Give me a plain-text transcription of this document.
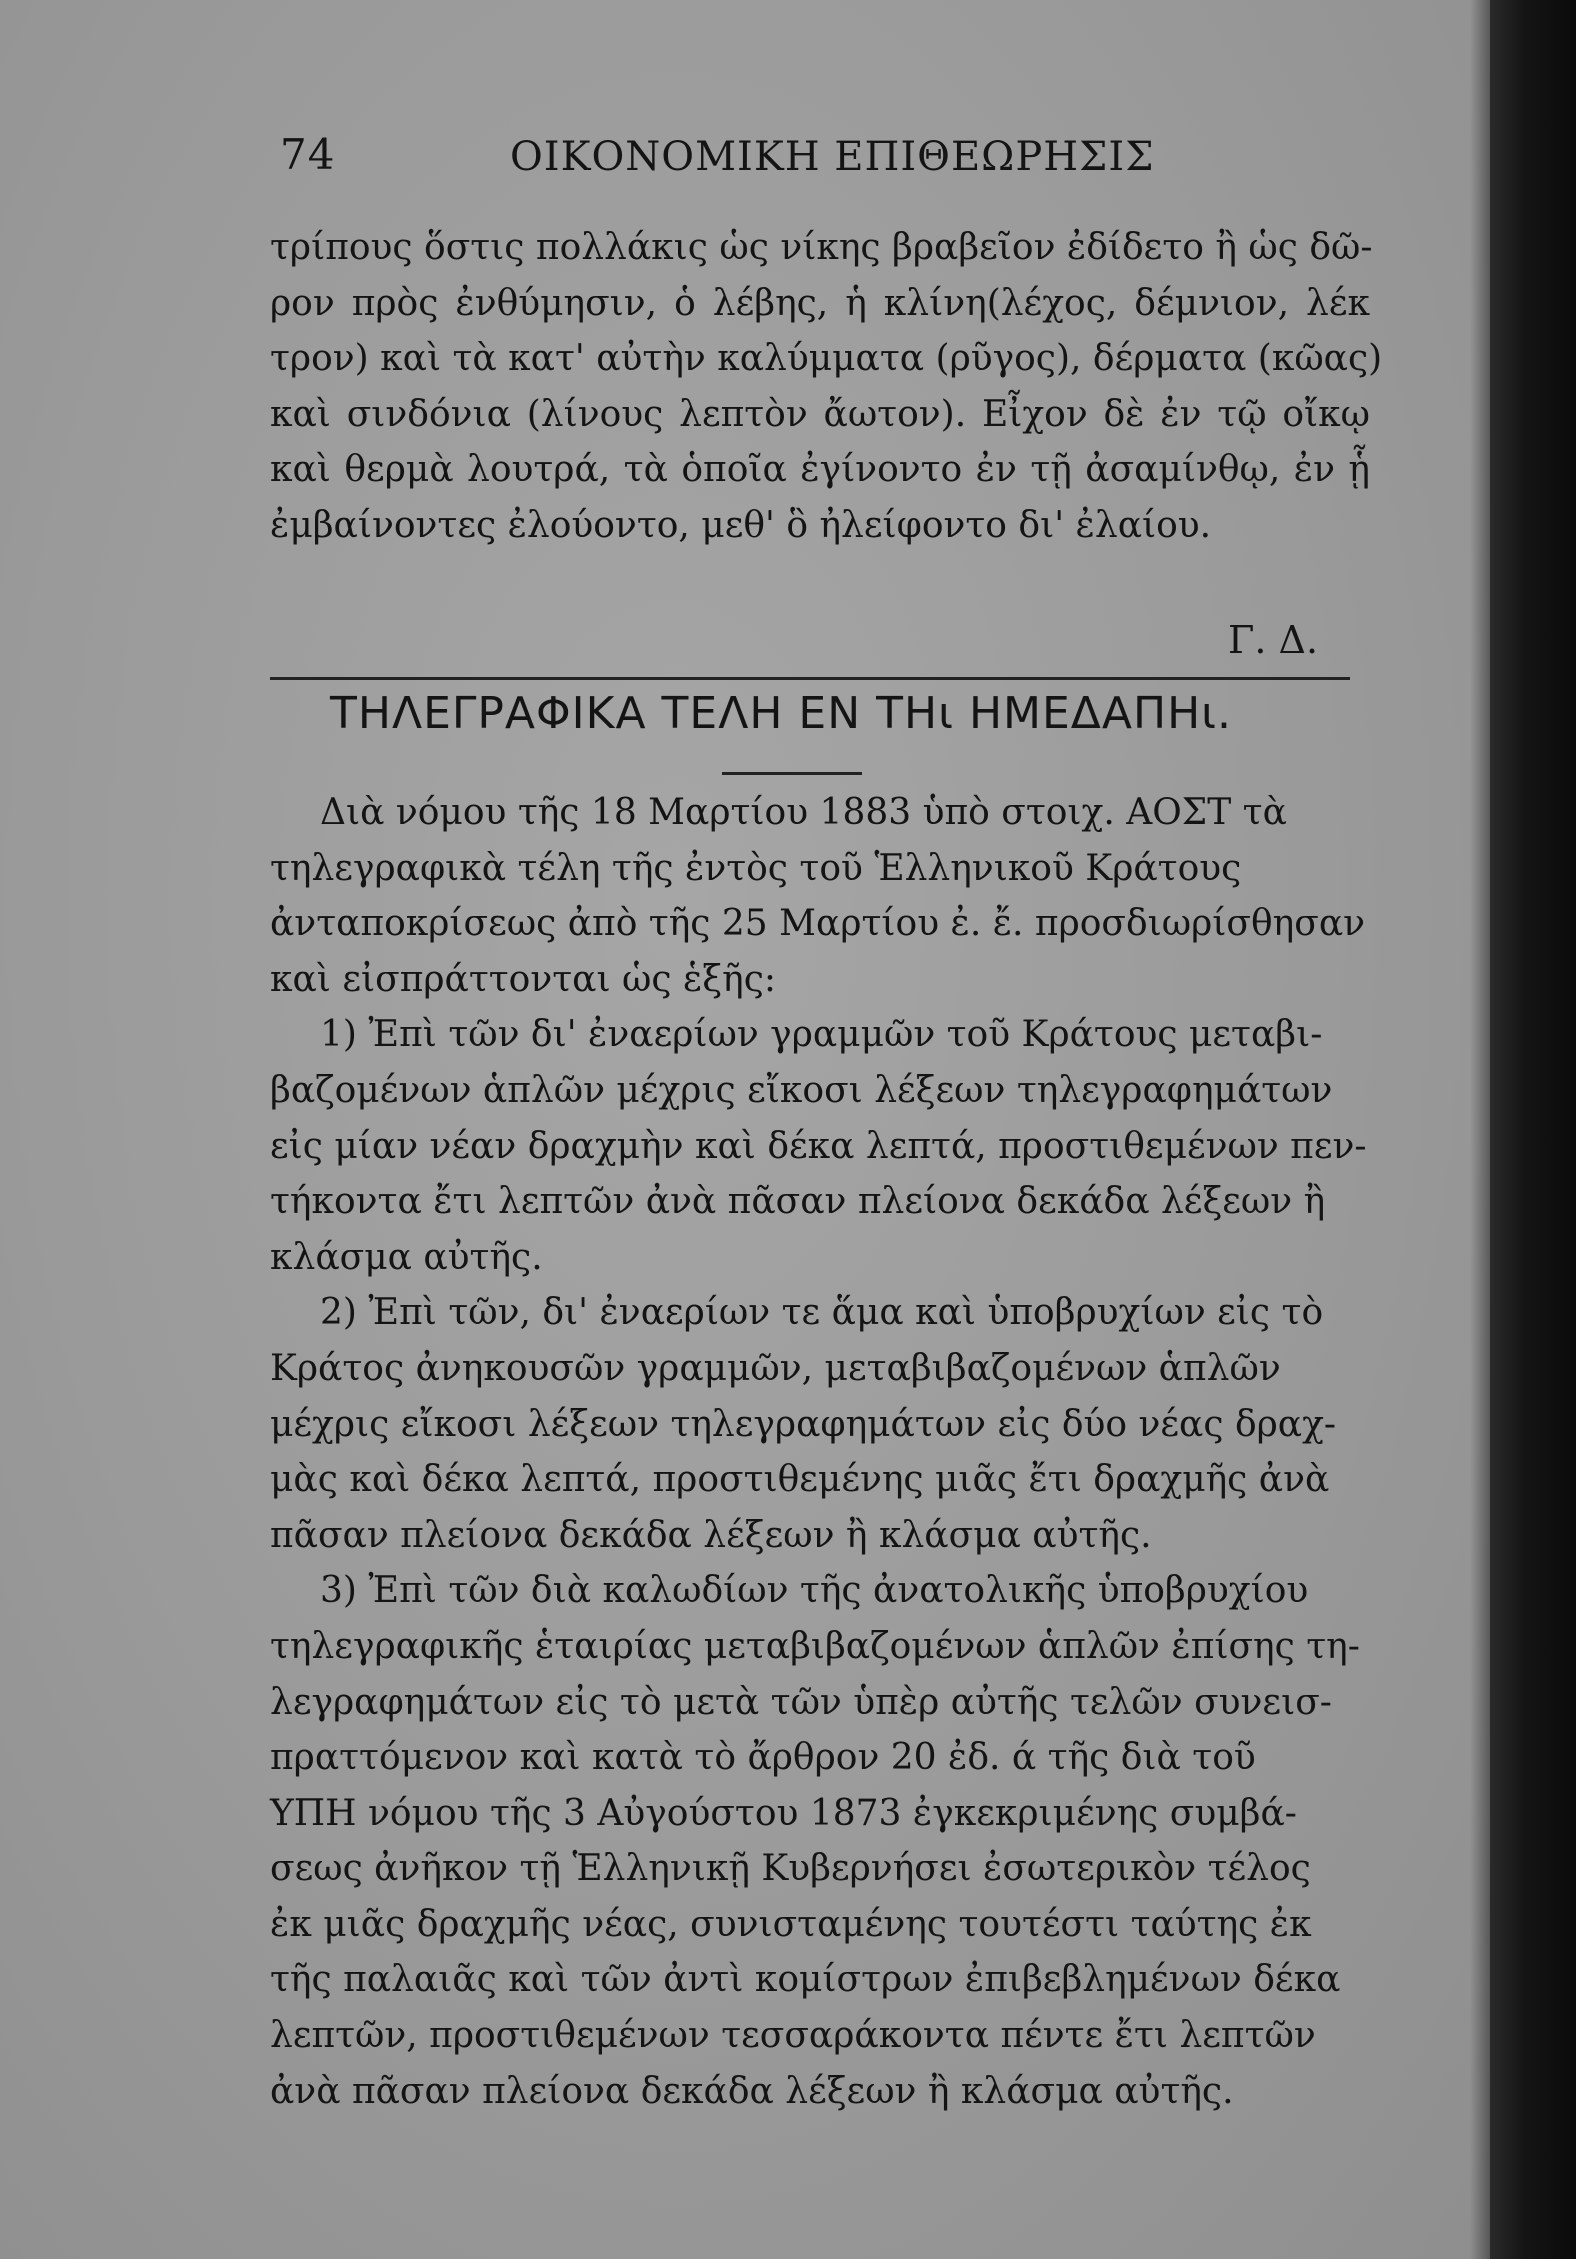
74	ΟΙΚΟΝΟΜΙΚΗ ΕΠΙΘΕΩΡΗΣΙΣ
τρίπους ὅστις πολλάκις ὡς νίκης βραβεῖον ἐδίδετο ἢ ὡς δῶ-
ρον πρὸς ἐνθύμησιν, ὁ λέβης, ἡ κλίνη(λέχος, δέμνιον, λέκ
τρον) καὶ τὰ κατ' αὐτὴν καλύμματα (ρῦγος), δέρματα (κῶας)
καὶ σινδόνια (λίνους λεπτὸν ἄωτον). Εἶχον δὲ ἐν τῷ οἴκῳ
καὶ θερμὰ λουτρά, τὰ ὁποῖα ἐγίνοντο ἐν τῇ ἀσαμίνθῳ, ἐν ᾗ
ἐμβαίνοντες ἐλούοντο, μεθ' ὃ ἠλείφοντο δι' ἐλαίου.
Γ. Δ.
ΤΗΛΕΓΡΑΦΙΚΑ ΤΕΛΗ ΕΝ ΤΗι ΗΜΕΔΑΠΗι.
Διὰ νόμου τῆς 18 Μαρτίου 1883 ὑπὸ στοιχ. ΑΟΣΤ τὰ
τηλεγραφικὰ τέλη τῆς ἐντὸς τοῦ Ἑλληνικοῦ Κράτους
ἀνταποκρίσεως ἀπὸ τῆς 25 Μαρτίου ἐ. ἔ. προσδιωρίσθησαν
καὶ εἰσπράττονται ὡς ἑξῆς:
1) Ἐπὶ τῶν δι' ἐναερίων γραμμῶν τοῦ Κράτους μεταβι-
βαζομένων ἁπλῶν μέχρις εἴκοσι λέξεων τηλεγραφημάτων
εἰς μίαν νέαν δραχμὴν καὶ δέκα λεπτά, προστιθεμένων πεν-
τήκοντα ἔτι λεπτῶν ἀνὰ πᾶσαν πλείονα δεκάδα λέξεων ἢ
κλάσμα αὐτῆς.
2) Ἐπὶ τῶν, δι' ἐναερίων τε ἅμα καὶ ὑποβρυχίων εἰς τὸ
Κράτος ἀνηκουσῶν γραμμῶν, μεταβιβαζομένων ἁπλῶν
μέχρις εἴκοσι λέξεων τηλεγραφημάτων εἰς δύο νέας δραχ-
μὰς καὶ δέκα λεπτά, προστιθεμένης μιᾶς ἔτι δραχμῆς ἀνὰ
πᾶσαν πλείονα δεκάδα λέξεων ἢ κλάσμα αὐτῆς.
3) Ἐπὶ τῶν διὰ καλωδίων τῆς ἀνατολικῆς ὑποβρυχίου
τηλεγραφικῆς ἑταιρίας μεταβιβαζομένων ἁπλῶν ἐπίσης τη-
λεγραφημάτων εἰς τὸ μετὰ τῶν ὑπὲρ αὐτῆς τελῶν συνεισ-
πραττόμενον καὶ κατὰ τὸ ἄρθρον 20 ἐδ. ά τῆς διὰ τοῦ
ΥΠΗ νόμου τῆς 3 Αὐγούστου 1873 ἐγκεκριμένης συμβά-
σεως ἀνῆκον τῇ Ἑλληνικῇ Κυβερνήσει ἐσωτερικὸν τέλος
ἐκ μιᾶς δραχμῆς νέας, συνισταμένης τουτέστι ταύτης ἐκ
τῆς παλαιᾶς καὶ τῶν ἀντὶ κομίστρων ἐπιβεβλημένων δέκα
λεπτῶν, προστιθεμένων τεσσαράκοντα πέντε ἔτι λεπτῶν
ἀνὰ πᾶσαν πλείονα δεκάδα λέξεων ἢ κλάσμα αὐτῆς.
